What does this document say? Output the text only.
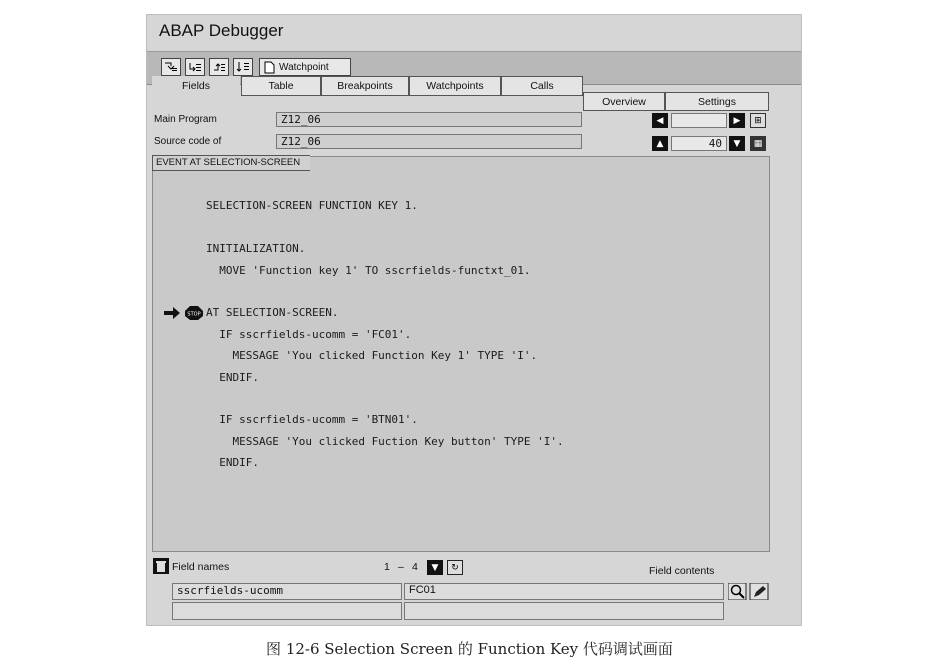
ABAP Debugger
Watchpoint
Fields	Table	Breakpoints	Watchpoints	Calls
Overview	Settings
Main Program	Z12_06
Source code of	Z12_06
◀	▶ ⊞
▲	40	▼ ▦
EVENT AT SELECTION-SCREEN

SELECTION-SCREEN FUNCTION KEY 1.
INITIALIZATION.
MOVE 'Function key 1' TO sscrfields-functxt_01.
AT SELECTION-SCREEN.
IF sscrfields-ucomm = 'FC01'.
MESSAGE 'You clicked Function Key 1' TYPE 'I'.
ENDIF.
IF sscrfields-ucomm = 'BTN01'.
MESSAGE 'You clicked Fuction Key button' TYPE 'I'.
ENDIF.

STOP
Field names	1 – 4 ▼ ↻	Field contents
sscrfields-ucomm	FC01
图 12-6 Selection Screen 的 Function Key 代码调试画面
